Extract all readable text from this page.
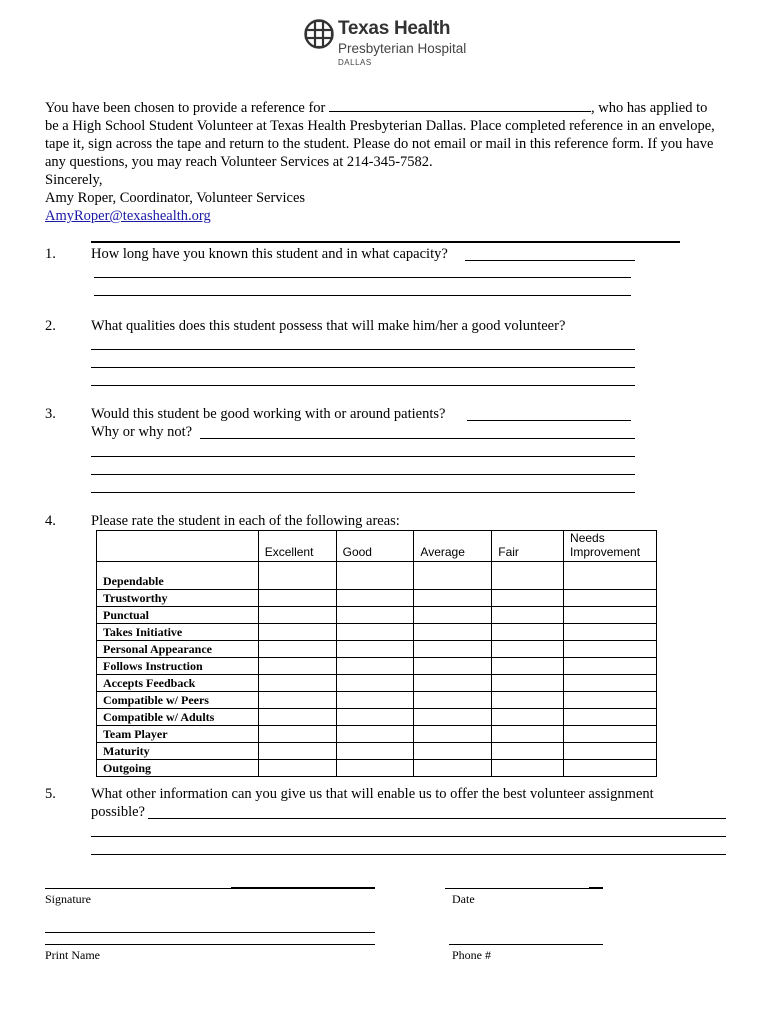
Texas Health
Presbyterian Hospital
DALLAS
You have been chosen to provide a reference for	, who has applied to
be a High School Student Volunteer at Texas Health Presbyterian Dallas. Place completed reference in an envelope,
tape it, sign across the tape and return to the student. Please do not email or mail in this reference form. If you have
any questions, you may reach Volunteer Services at 214-345-7582.
Sincerely,
Amy Roper, Coordinator, Volunteer Services
AmyRoper@texashealth.org
1. How long have you known this student and in what capacity?
2. What qualities does this student possess that will make him/her a good volunteer?
3. Would this student be good working with or around patients?
Why or why not?
4. Please rate the student in each of the following areas:
	Excellent	Good	Average	Fair	Needs
Improvement

Dependable					
Trustworthy					
Punctual					
Takes Initiative					
Personal Appearance					
Follows Instruction					
Accepts Feedback					
Compatible w/ Peers					
Compatible w/ Adults					
Team Player					
Maturity					
Outgoing					
5. What other information can you give us that will enable us to offer the best volunteer assignment
possible?
Signature	Date
Print Name	Phone #
